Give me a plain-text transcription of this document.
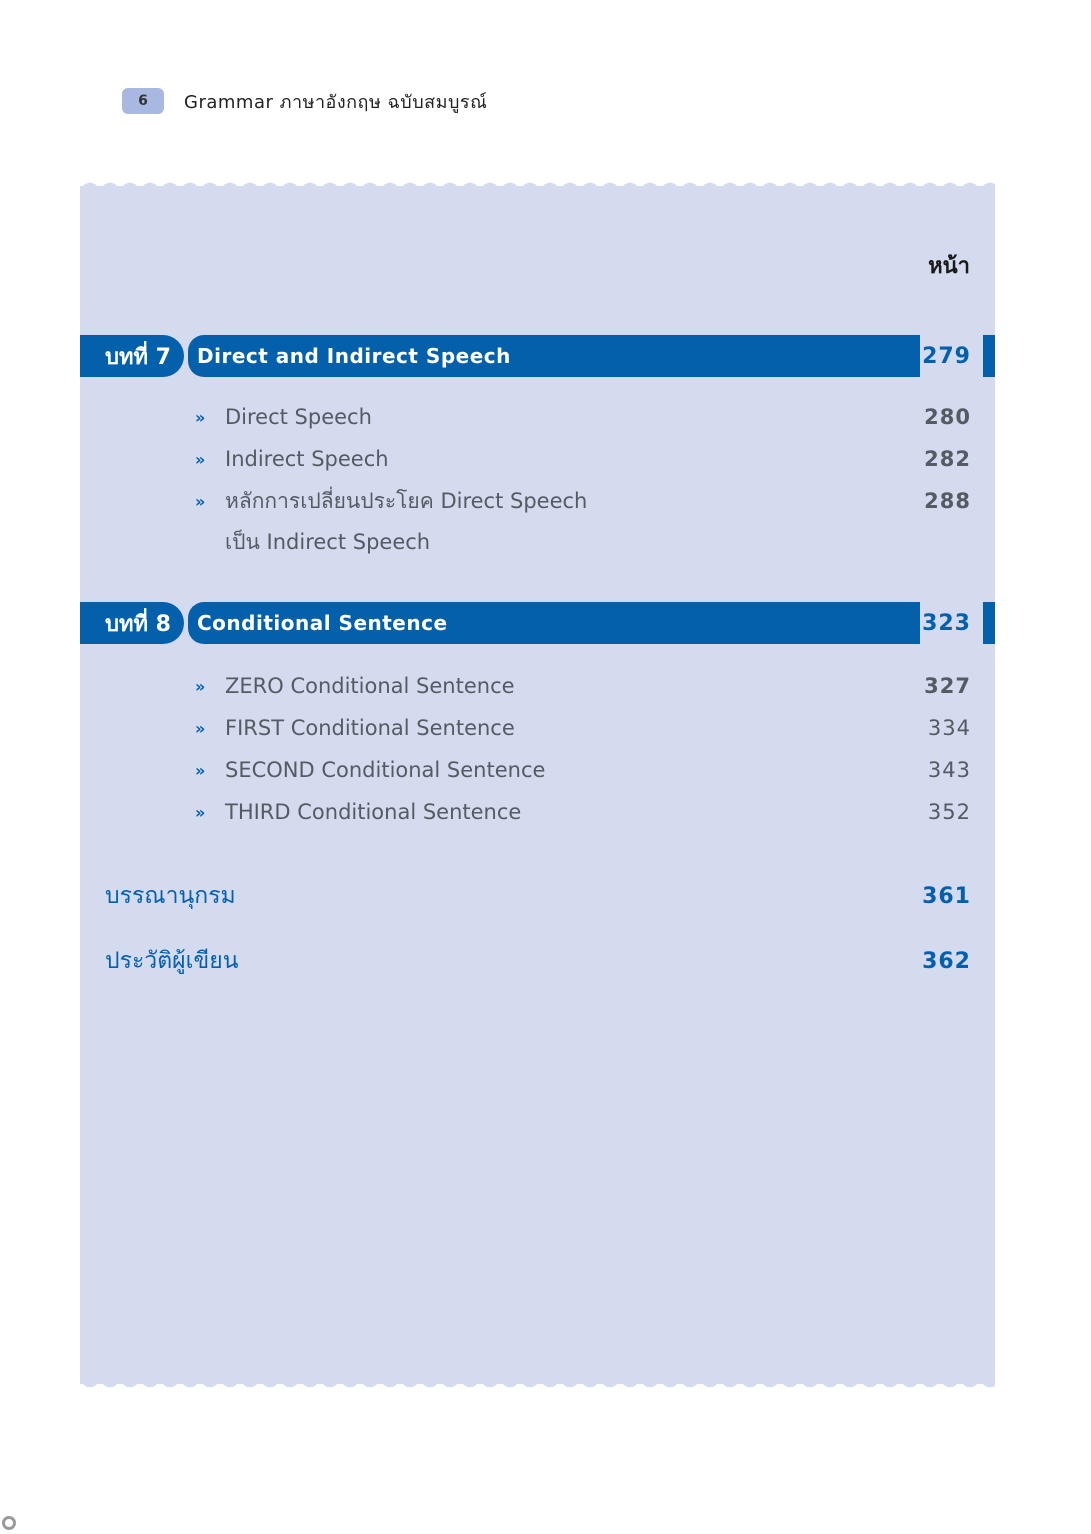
6	Grammar ภาษาอังกฤษ ฉบับสมบูรณ์
หน้า
บทที่ 7	Direct and Indirect Speech	279
»	Direct Speech	280
»	Indirect Speech	282
»	หลักการเปลี่ยนประโยค Direct Speech	288
เป็น Indirect Speech
บทที่ 8	Conditional Sentence	323
»	ZERO Conditional Sentence	327
»	FIRST Conditional Sentence	334
»	SECOND Conditional Sentence	343
»	THIRD Conditional Sentence	352
บรรณานุกรม	361
ประวัติผู้เขียน	362
